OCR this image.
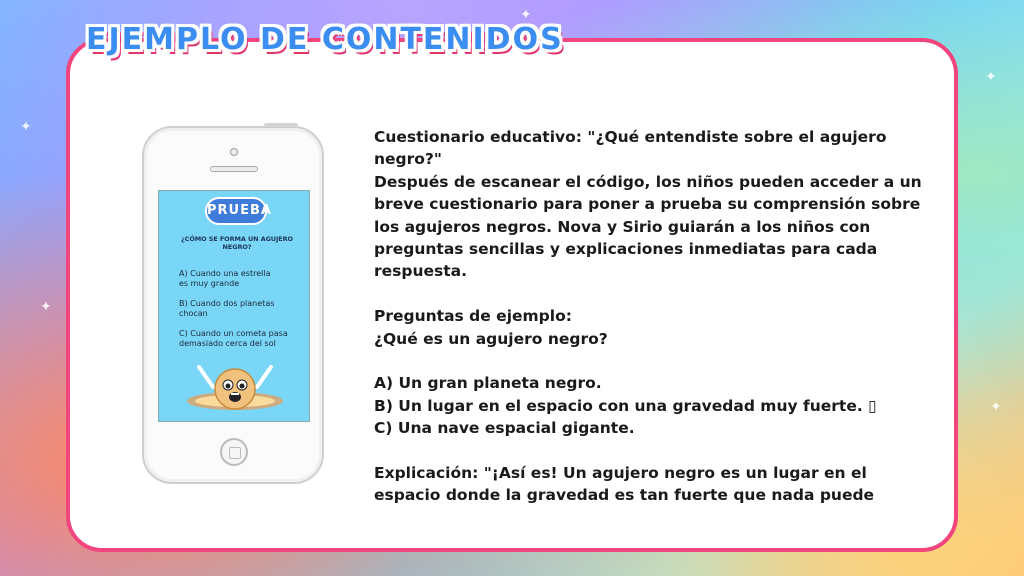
✦
✦
✦
✦
✦
EJEMPLO DE CONTENIDOS
PRUEBA
¿CÓMO SE FORMA UN AGUJERO NEGRO?
A) Cuando una estrella
es muy grande
B) Cuando dos planetas
chocan
C) Cuando un cometa pasa
demasiado cerca del sol

Cuestionario educativo: "¿Qué entendiste sobre el agujero negro?"
Después de escanear el código, los niños pueden acceder a un breve cuestionario para poner a prueba su comprensión sobre los agujeros negros. Nova y Sirio guiarán a los niños con preguntas sencillas y explicaciones inmediatas para cada respuesta.

Preguntas de ejemplo:
¿Qué es un agujero negro?

A) Un gran planeta negro.
B) Un lugar en el espacio con una gravedad muy fuerte. ▯
C) Una nave espacial gigante.

Explicación: "¡Así es! Un agujero negro es un lugar en el espacio donde la gravedad es tan fuerte que nada puede
